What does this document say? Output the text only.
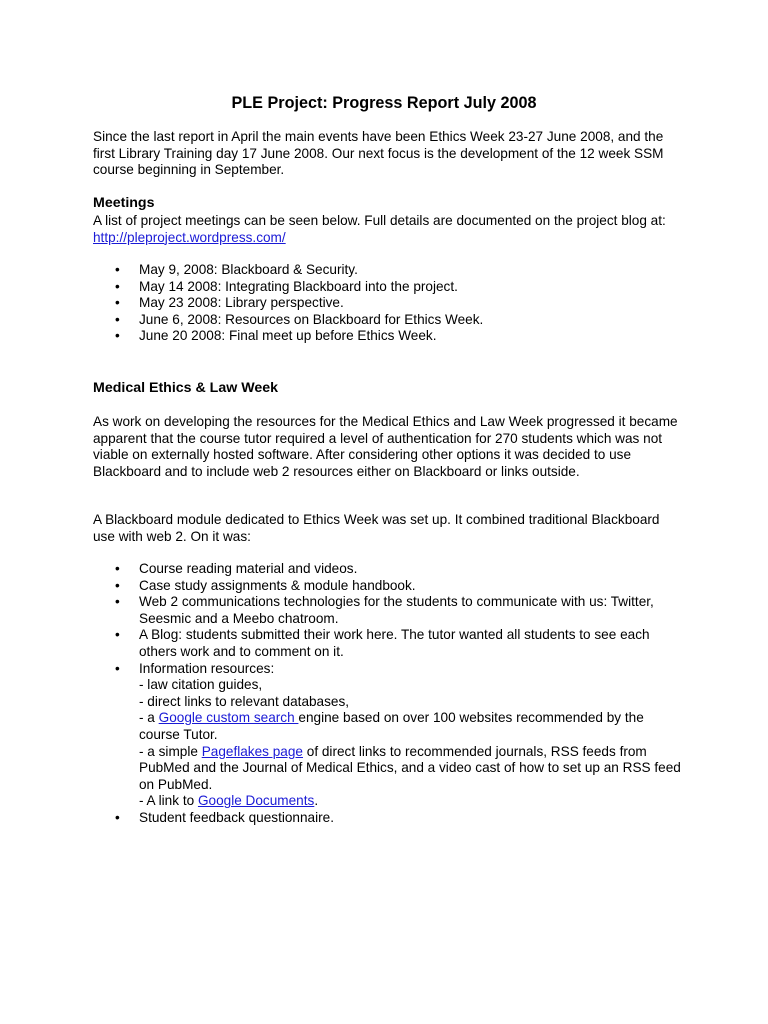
PLE Project: Progress Report July 2008

Since the last report in April the main events have been Ethics Week 23-27 June 2008, and the first Library Training day 17 June 2008. Our next focus is the development of the 12 week SSM course beginning in September.

Meetings

A list of project meetings can be seen below. Full details are documented on the project blog at: http://pleproject.wordpress.com/

• May 9, 2008: Blackboard & Security.
• May 14 2008: Integrating Blackboard into the project.
• May 23 2008: Library perspective.
• June 6, 2008: Resources on Blackboard for Ethics Week.
• June 20 2008: Final meet up before Ethics Week.
Medical Ethics & Law Week

As work on developing the resources for the Medical Ethics and Law Week progressed it became apparent that the course tutor required a level of authentication for 270 students which was not viable on externally hosted software. After considering other options it was decided to use Blackboard and to include web 2 resources either on Blackboard or links outside.

A Blackboard module dedicated to Ethics Week was set up. It combined traditional Blackboard use with web 2. On it was:

• Course reading material and videos.
• Case study assignments & module handbook.
• Web 2 communications technologies for the students to communicate with us: Twitter, Seesmic and a Meebo chatroom.
• A Blog: students submitted their work here. The tutor wanted all students to see each others work and to comment on it.
• Information resources:
- law citation guides,
- direct links to relevant databases,
- a Google custom search engine based on over 100 websites recommended by the course Tutor.
- a simple Pageflakes page of direct links to recommended journals, RSS feeds from PubMed and the Journal of Medical Ethics, and a video cast of how to set up an RSS feed on PubMed.
- A link to Google Documents.
• Student feedback questionnaire.
